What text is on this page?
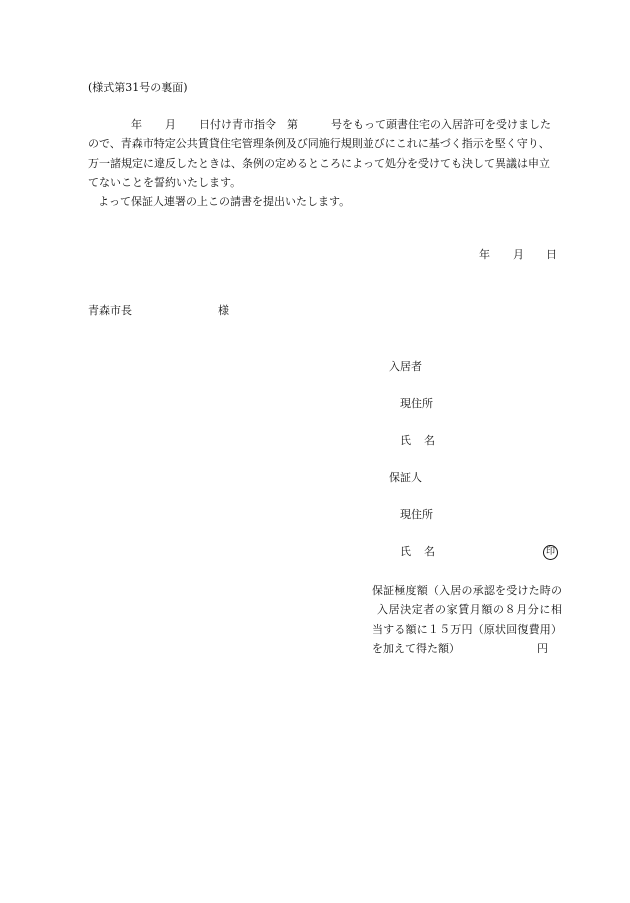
(様式第31号の裏面)
年 月 日付け青市指令 第	号をもって頭書住宅の入居許可を受けました
ので、青森市特定公共賃貸住宅管理条例及び同施行規則並びにこれに基づく指示を堅く守り、
万一諸規定に違反したときは、条例の定めるところによって処分を受けても決して異議は申立
てないことを誓約いたします。
よって保証人連署の上この請書を提出いたします。
年 月 日
青森市長	様
入居者
現住所
氏 名
保証人
現住所
氏 名	印
保証極度額（入居の承認を受けた時の
入居決定者の家賃月額の８月分に相
当する額に１５万円（原状回復費用）
を加えて得た額）	円
